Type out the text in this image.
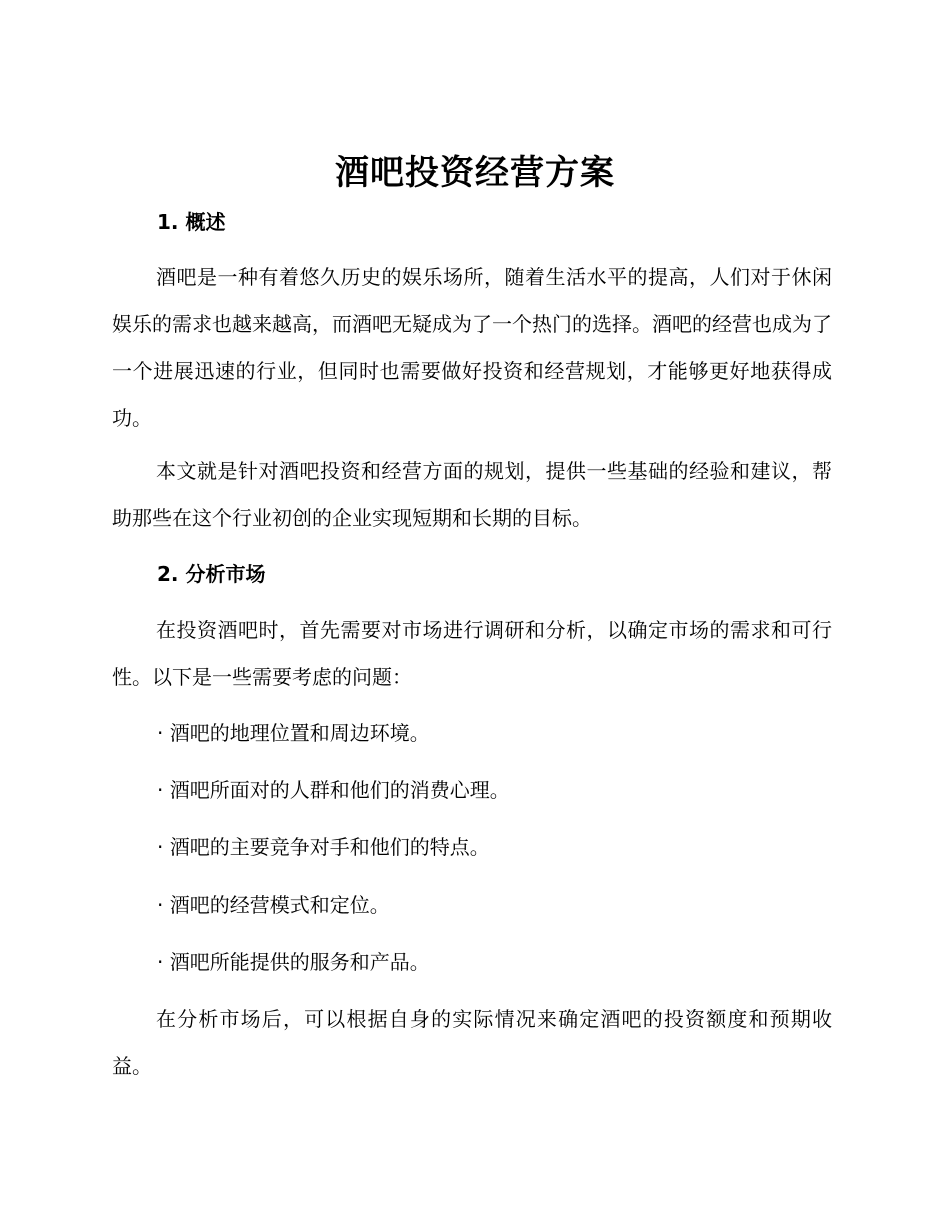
酒吧投资经营方案
1. 概述
酒吧是一种有着悠久历史的娱乐场所，随着生活水平的提高，人们对于休闲娱乐的需求也越来越高，而酒吧无疑成为了一个热门的选择。酒吧的经营也成为了一个进展迅速的行业，但同时也需要做好投资和经营规划，才能够更好地获得成功。
本文就是针对酒吧投资和经营方面的规划，提供一些基础的经验和建议，帮助那些在这个行业初创的企业实现短期和长期的目标。
2. 分析市场
在投资酒吧时，首先需要对市场进行调研和分析，以确定市场的需求和可行性。以下是一些需要考虑的问题：
· 酒吧的地理位置和周边环境。
· 酒吧所面对的人群和他们的消费心理。
· 酒吧的主要竞争对手和他们的特点。
· 酒吧的经营模式和定位。
· 酒吧所能提供的服务和产品。
在分析市场后，可以根据自身的实际情况来确定酒吧的投资额度和预期收益。
